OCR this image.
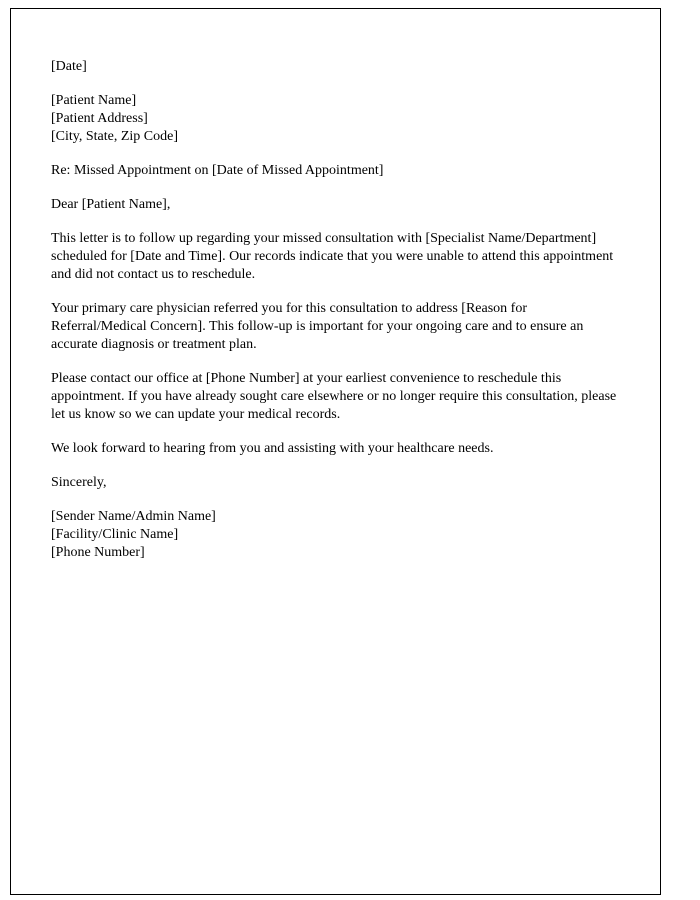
[Date]
[Patient Name]
[Patient Address]
[City, State, Zip Code]
Re: Missed Appointment on [Date of Missed Appointment]
Dear [Patient Name],

This letter is to follow up regarding your missed consultation with [Specialist Name/Department] scheduled for [Date and Time]. Our records indicate that you were unable to attend this appointment and did not contact us to reschedule.

Your primary care physician referred you for this consultation to address [Reason for Referral/Medical Concern]. This follow-up is important for your ongoing care and to ensure an accurate diagnosis or treatment plan.

Please contact our office at [Phone Number] at your earliest convenience to reschedule this appointment. If you have already sought care elsewhere or no longer require this consultation, please let us know so we can update your medical records.

We look forward to hearing from you and assisting with your healthcare needs.

Sincerely,
[Sender Name/Admin Name]
[Facility/Clinic Name]
[Phone Number]
